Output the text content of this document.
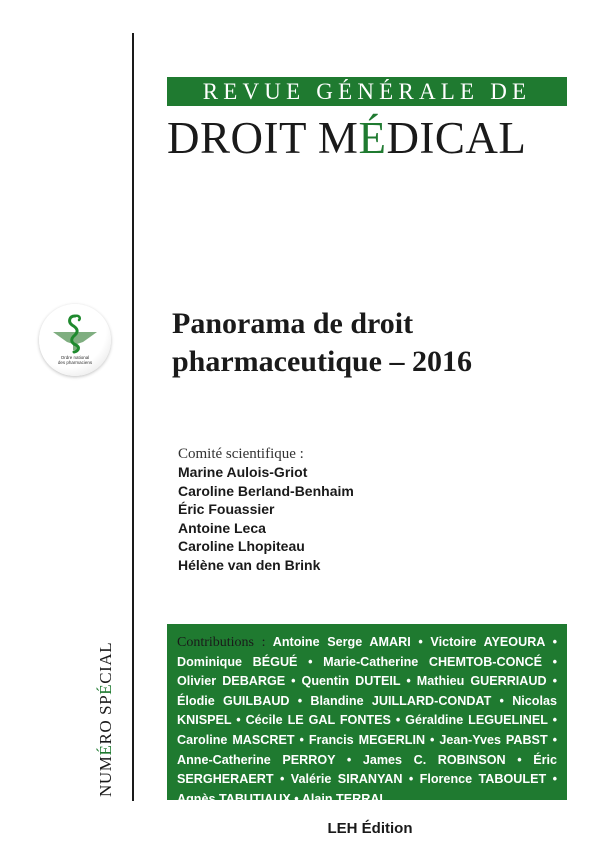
REVUE GÉNÉRALE DE
DROIT MÉDICAL
Ordre national
des pharmaciens
Panorama de droit
pharmaceutique – 2016
Comité scientifique :
Marine Aulois-Griot
Caroline Berland-Benhaim
Éric Fouassier
Antoine Leca
Caroline Lhopiteau
Hélène van den Brink
NUMÉRO SPÉCIAL	Contributions : Antoine Serge AMARI • Victoire AYEOURA • Dominique BÉGUÉ • Marie-Catherine CHEMTOB-CONCÉ • Olivier DEBARGE • Quentin DUTEIL • Mathieu GUERRIAUD • Élodie GUILBAUD • Blandine JUILLARD-CONDAT • Nicolas KNISPEL • Cécile LE GAL FONTES • Géraldine LEGUELINEL • Caroline MASCRET • Francis MEGERLIN • Jean-Yves PABST • Anne-Catherine PERROY • James C. ROBINSON • Éric SERGHERAERT • Valérie SIRANYAN • Florence TABOULET • Agnès TABUTIAUX • Alain TERRAL
LEH Édition
